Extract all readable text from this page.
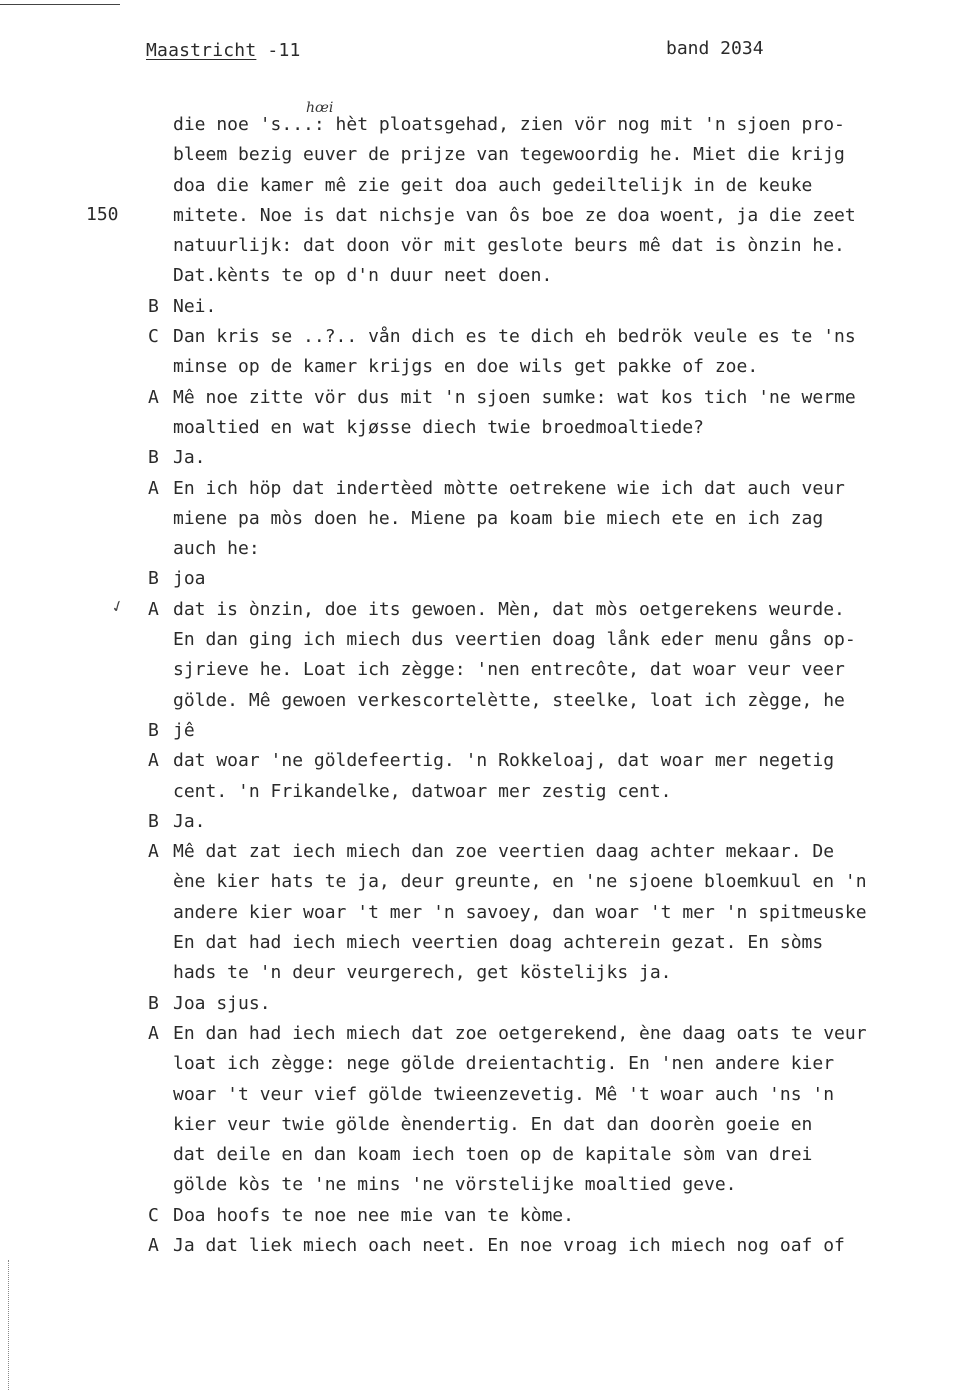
Maastricht -11	band 2034
150
hœi
✓
die noe 's...: hèt ploatsgehad, zien vör nog mit 'n sjoen pro-
bleem bezig euver de prijze van tegewoordig he. Miet die krijg
doa die kamer mê zie geit doa auch gedeiltelijk in de keuke
mitete. Noe is dat nichsje van ôs boe ze doa woent, ja die zeet
natuurlijk: dat doon vör mit geslote beurs mê dat is ònzin he.
Dat.kènts te op d'n duur neet doen.
B Nei.
C Dan kris se ..?.. vån dich es te dich eh bedrök veule es te 'ns
minse op de kamer krijgs en doe wils get pakke of zoe.
A Mê noe zitte vör dus mit 'n sjoen sumke: wat kos tich 'ne werme
moaltied en wat kjøsse diech twie broedmoaltiede?
B Ja.
A En ich höp dat indertèed mòtte oetrekene wie ich dat auch veur
miene pa mòs doen he. Miene pa koam bie miech ete en ich zag
auch he:
B joa
A dat is ònzin, doe its gewoen. Mèn, dat mòs oetgerekens weurde.
En dan ging ich miech dus veertien doag lånk eder menu gåns op-
sjrieve he. Loat ich zègge: 'nen entrecôte, dat woar veur veer
gölde. Mê gewoen verkescortelètte, steelke, loat ich zègge, he
B jê
A dat woar 'ne göldefeertig. 'n Rokkeloaj, dat woar mer negetig
cent. 'n Frikandelke, datwoar mer zestig cent.
B Ja.
A Mê dat zat iech miech dan zoe veertien daag achter mekaar. De
ène kier hats te ja, deur greunte, en 'ne sjoene bloemkuul en 'n
andere kier woar 't mer 'n savoey, dan woar 't mer 'n spitmeuske
En dat had iech miech veertien doag achterein gezat. En sòms
hads te 'n deur veurgerech, get köstelijks ja.
B Joa sjus.
A En dan had iech miech dat zoe oetgerekend, ène daag oats te veur
loat ich zègge: nege gölde dreientachtig. En 'nen andere kier
woar 't veur vief gölde twieenzevetig. Mê 't woar auch 'ns 'n
kier veur twie gölde ènendertig. En dat dan doorèn goeie en
dat deile en dan koam iech toen op de kapitale sòm van drei
gölde kòs te 'ne mins 'ne vörstelijke moaltied geve.
C Doa hoofs te noe nee mie van te kòme.
A Ja dat liek miech oach neet. En noe vroag ich miech nog oaf of
